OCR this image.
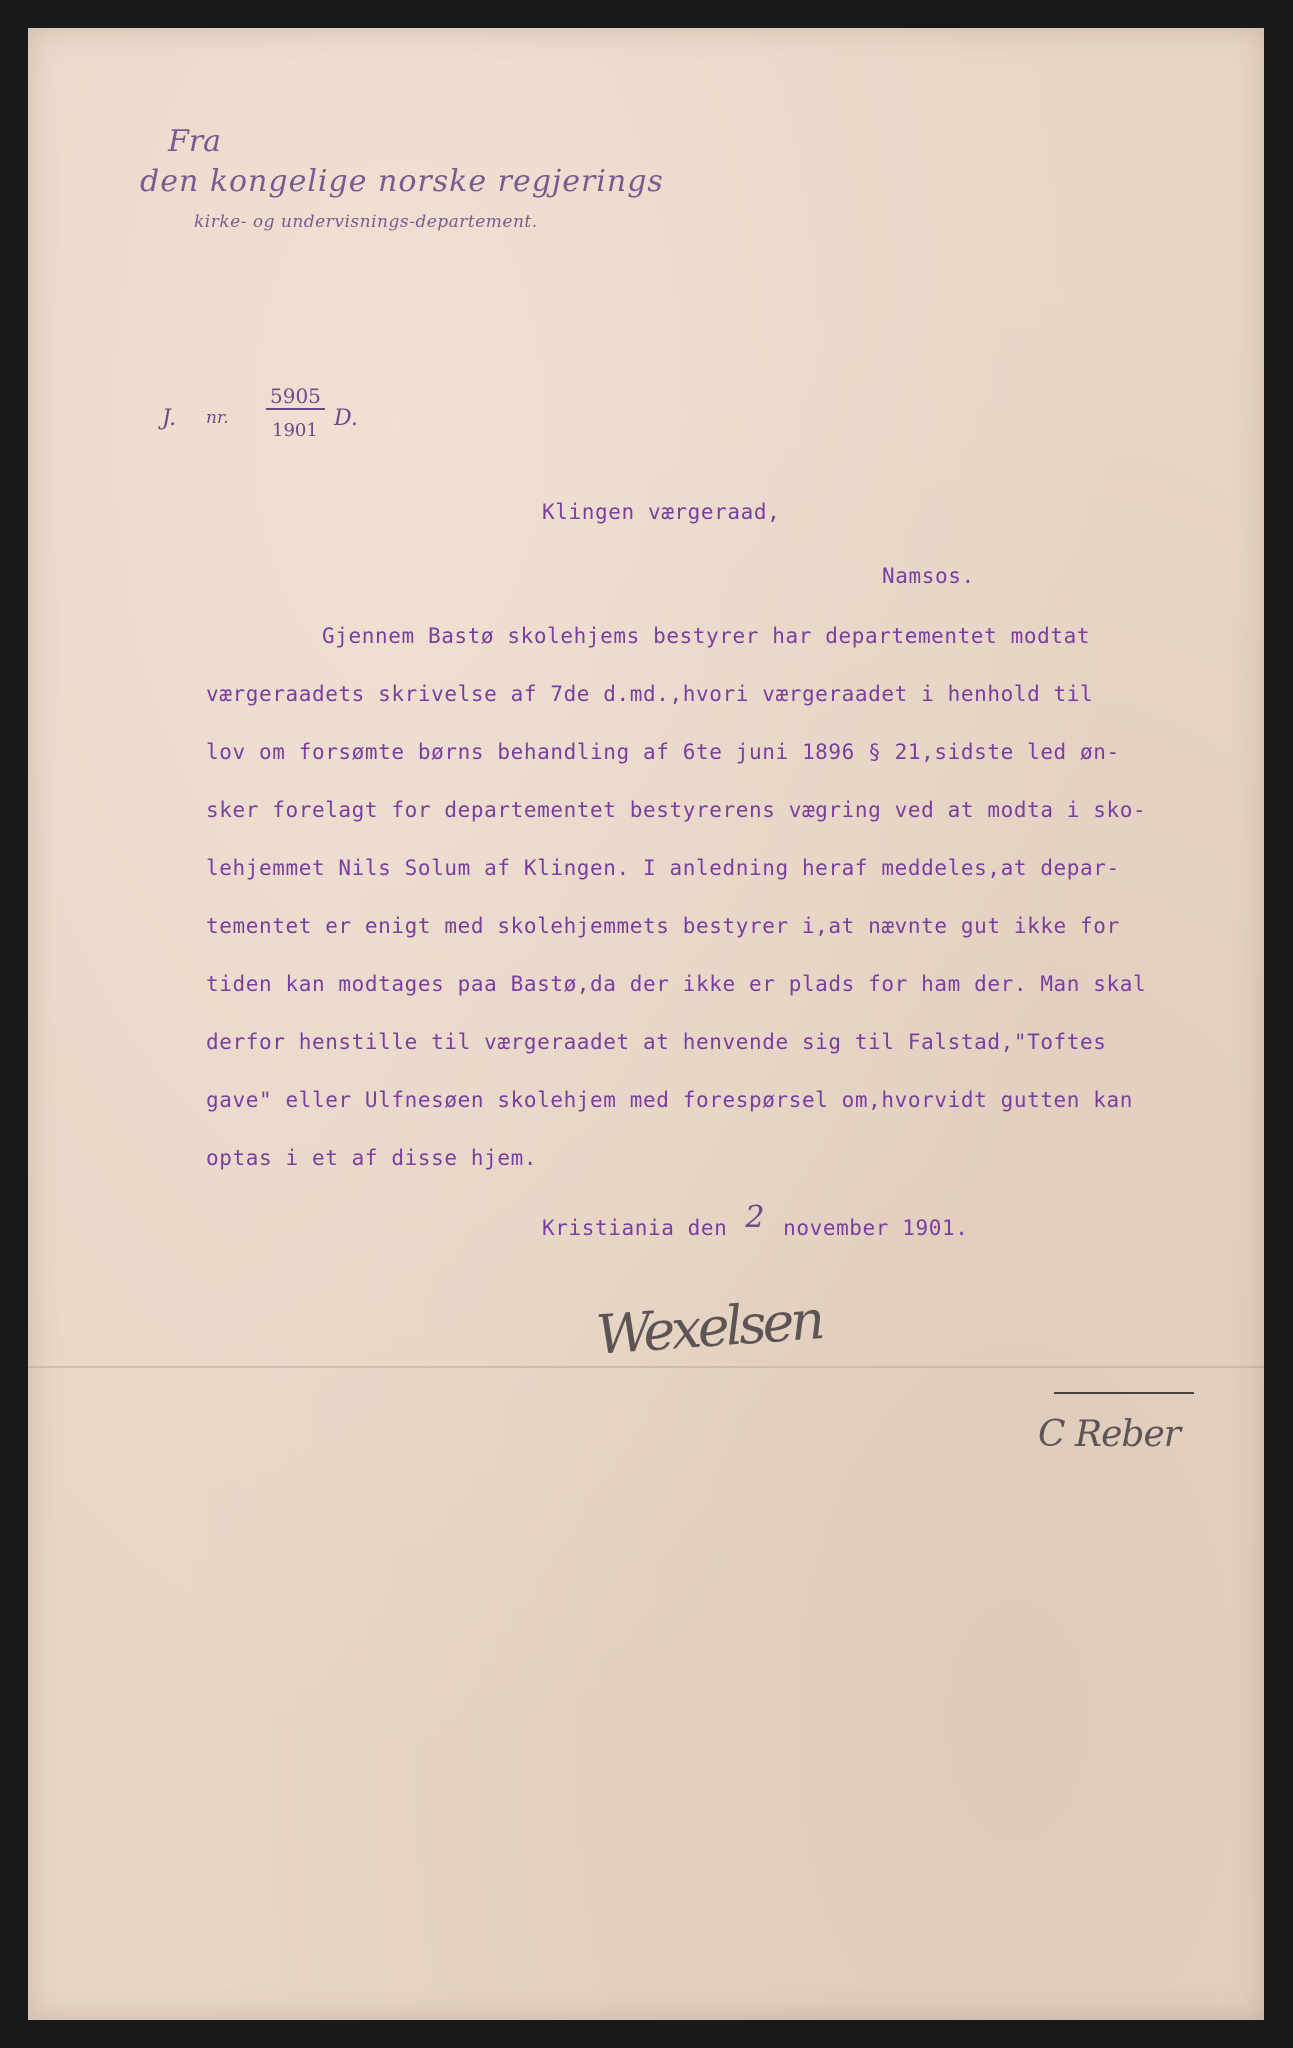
Fra
den kongelige norske regjerings
kirke- og undervisnings-departement.
J. nr.
5905
1901 D.
Klingen værgeraad,
Namsos.
Gjennem Bastø skolehjems bestyrer har departementet modtat
værgeraadets skrivelse af 7de d.md.,hvori værgeraadet i henhold til
lov om forsømte børns behandling af 6te juni 1896 § 21,sidste led øn-
sker forelagt for departementet bestyrerens vægring ved at modta i sko-
lehjemmet Nils Solum af Klingen. I anledning heraf meddeles,at depar-
tementet er enigt med skolehjemmets bestyrer i,at nævnte gut ikke for
tiden kan modtages paa Bastø,da der ikke er plads for ham der. Man skal
derfor henstille til værgeraadet at henvende sig til Falstad,"Toftes
gave" eller Ulfnesøen skolehjem med forespørsel om,hvorvidt gutten kan
optas i et af disse hjem.
Kristiania den 2 november 1901.
Wexelsen
C Reber
